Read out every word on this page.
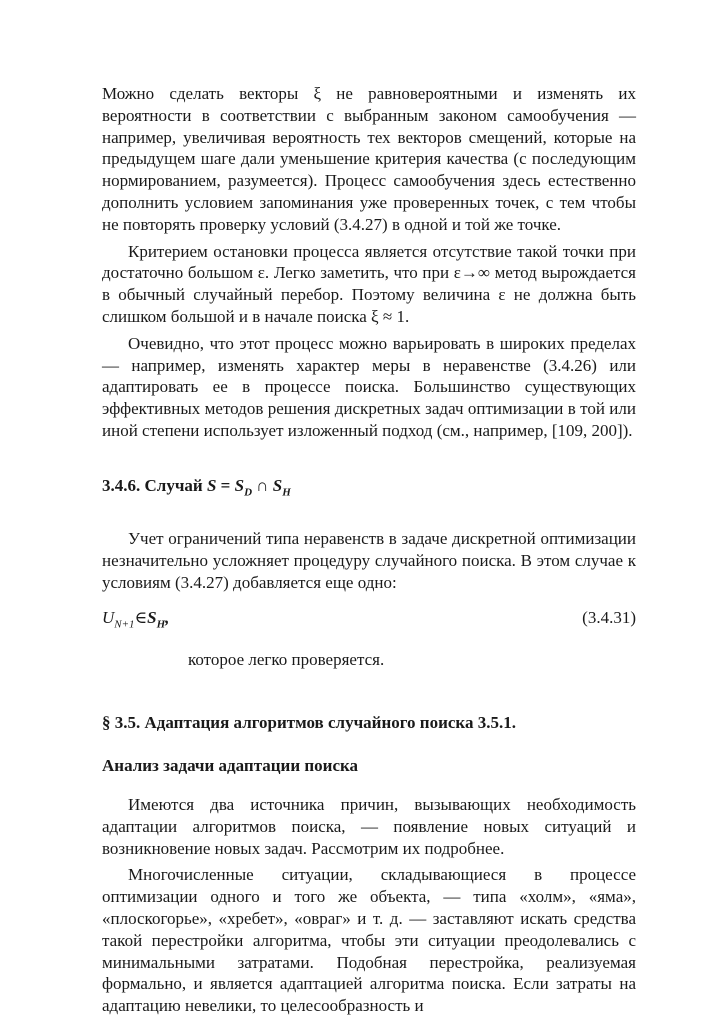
Можно сделать векторы ξ не равновероятными и изменять их вероятности в соответствии с выбранным законом самообучения — например, увеличивая вероятность тех векторов смещений, которые на предыдущем шаге дали уменьшение критерия качества (с последующим нормированием, разумеется). Процесс самообучения здесь естественно дополнить условием запоминания уже проверенных точек, с тем чтобы не повторять проверку условий (3.4.27) в одной и той же точке.

Критерием остановки процесса является отсутствие такой точки при достаточно большом ε. Легко заметить, что при ε→∞ метод вырождается в обычный случайный перебор. Поэтому величина ε не должна быть слишком большой и в начале поиска ξ ≈ 1.

Очевидно, что этот процесс можно варьировать в широких пределах — например, изменять характер меры в неравенстве (3.4.26) или адаптировать ее в процессе поиска. Большинство существующих эффективных методов решения дискретных задач оптимизации в той или иной степени использует изложенный подход (см., например, [109, 200]).

3.4.6. Случай $S = S_D$ ∩ $S_H$

Учет ограничений типа неравенств в задаче дискретной оптимизации незначительно усложняет процедуру случайного поиска. В этом случае к условиям (3.4.27) добавляется еще одно:

$U_{N+1}\in S_H$,	(3.4.31)
которое легко проверяется.
§ 3.5. Адаптация алгоритмов случайного поиска 3.5.1.
Анализ задачи адаптации поиска

Имеются два источника причин, вызывающих необходимость адаптации алгоритмов поиска, — появление новых ситуаций и возникновение новых задач. Рассмотрим их подробнее.

Многочисленные ситуации, складывающиеся в процессе оптимизации одного и того же объекта, — типа «холм», «яма», «плоскогорье», «хребет», «овраг» и т. д. — заставляют искать средства такой перестройки алгоритма, чтобы эти ситуации преодолевались с минимальными затратами. Подобная перестройка, реализуемая формально, и является адаптацией алгоритма поиска. Если затраты на адаптацию невелики, то целесообразность и
